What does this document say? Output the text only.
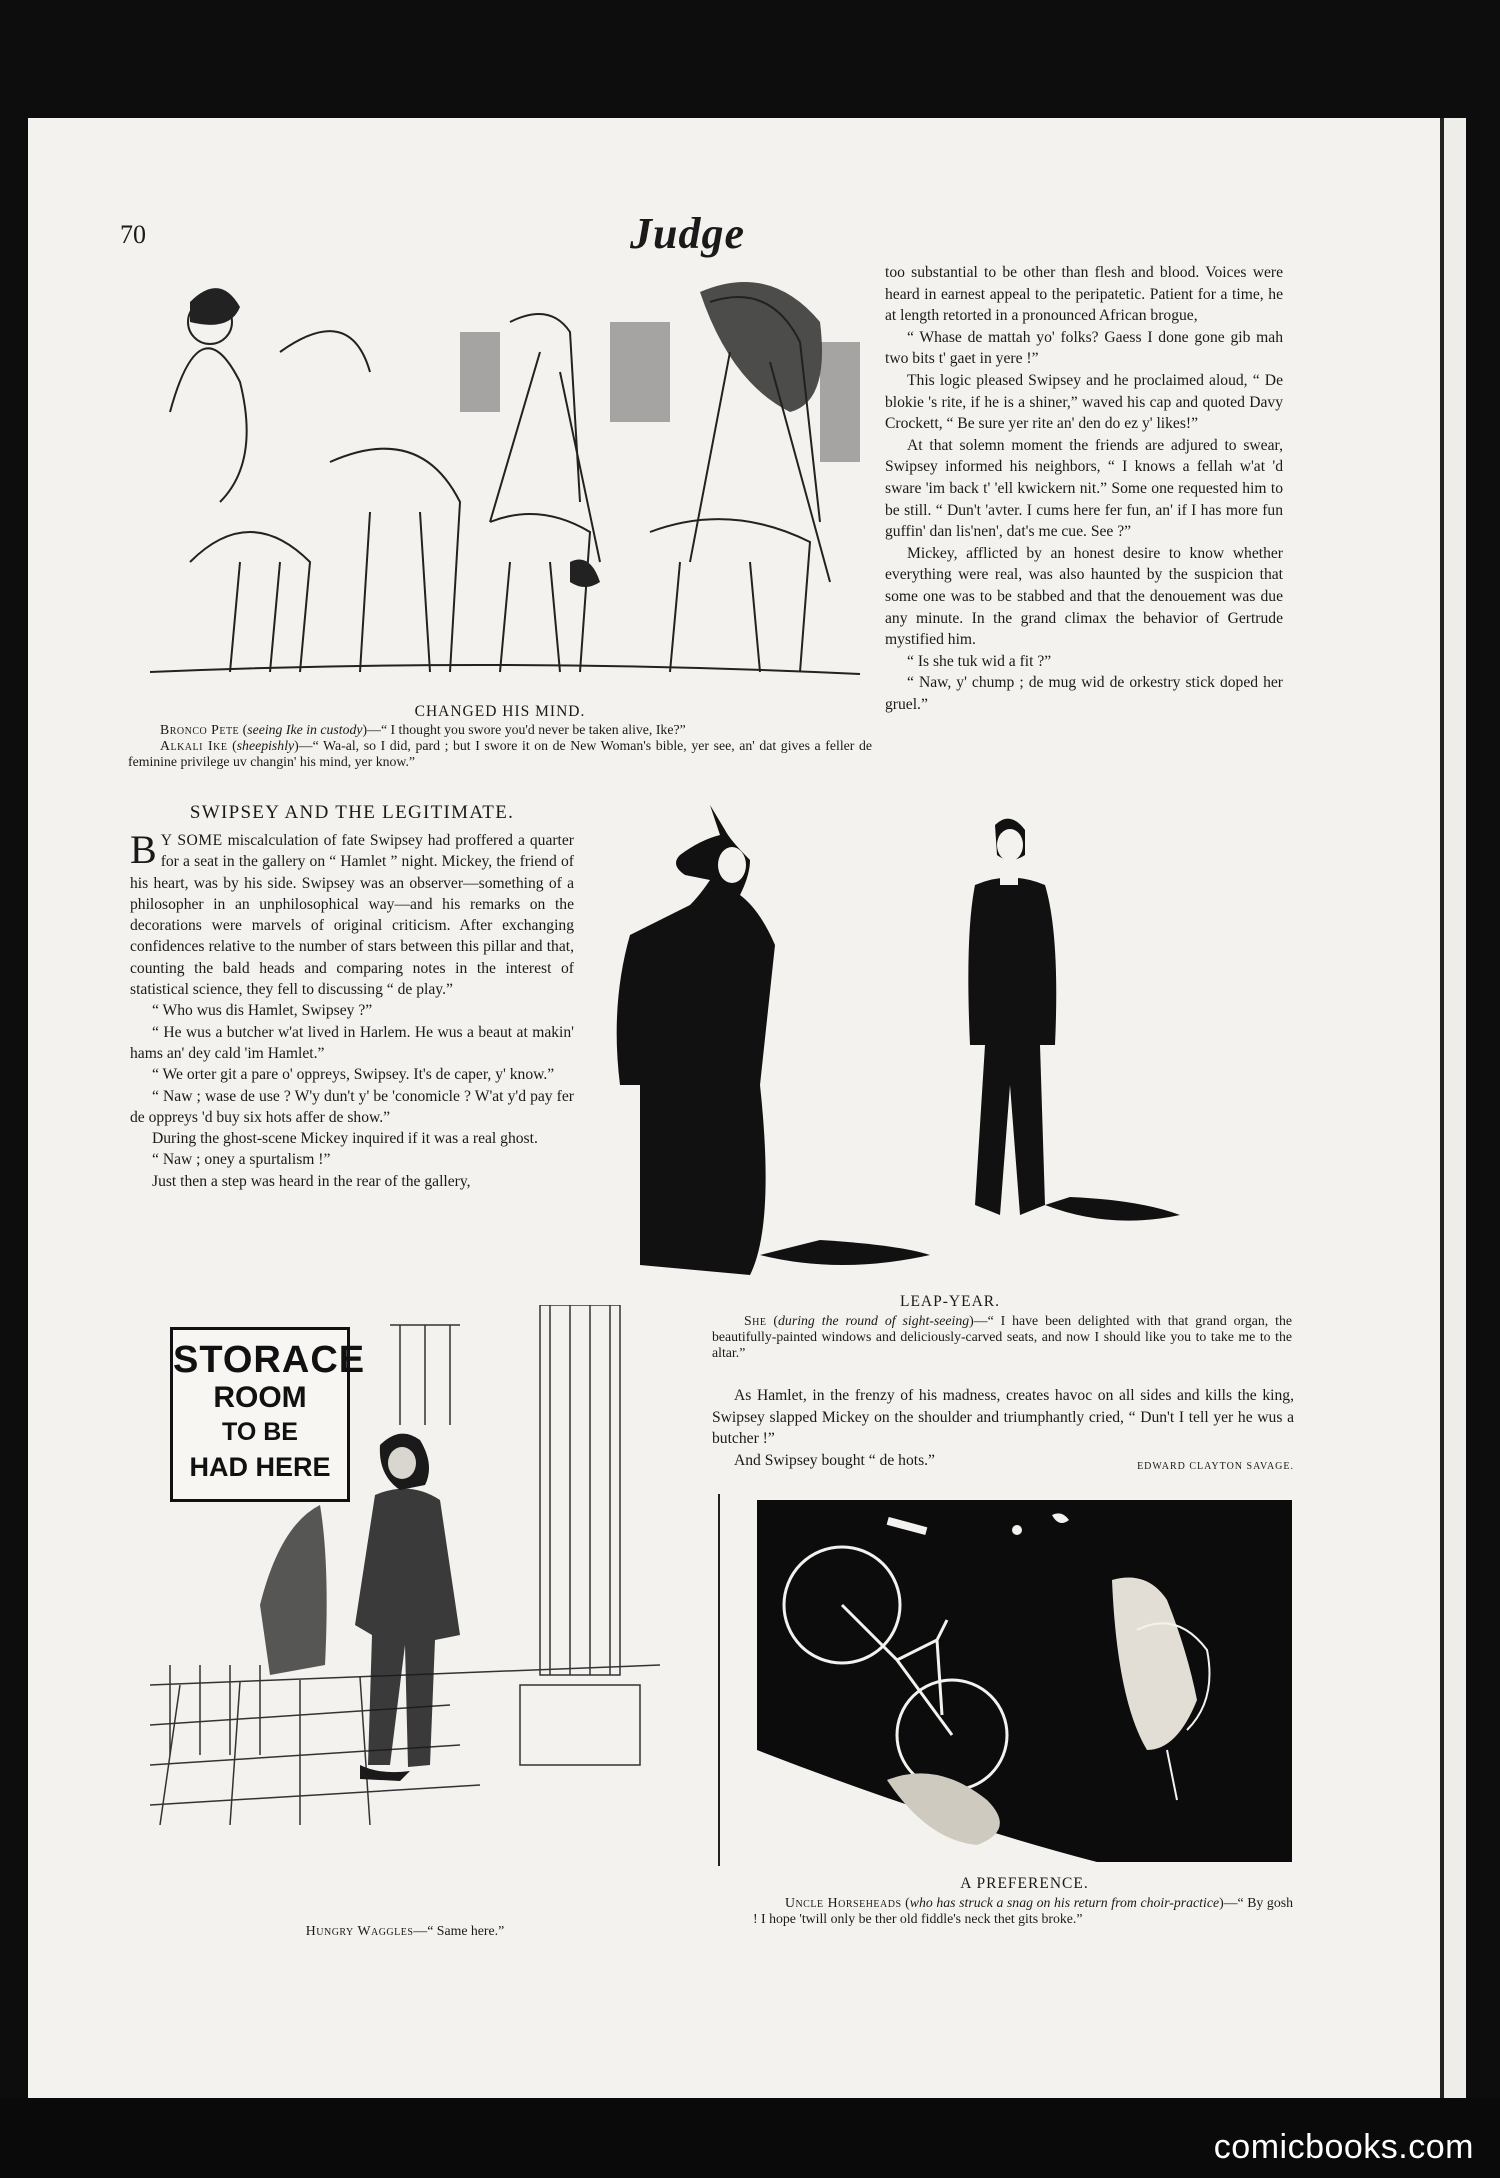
70	Judge
CHANGED HIS MIND.
Bronco Pete (seeing Ike in custody)—“ I thought you swore you'd never be taken alive, Ike?”
Alkali Ike (sheepishly)—“ Wa-al, so I did, pard ; but I swore it on de New Woman's bible, yer see, an' dat gives a feller de feminine privilege uv changin' his mind, yer know.”

too substantial to be other than flesh and blood. Voices were heard in earnest appeal to the peripatetic. Patient for a time, he at length retorted in a pronounced African brogue,

“ Whase de mattah yo' folks? Gaess I done gone gib mah two bits t' gaet in yere !”

This logic pleased Swipsey and he proclaimed aloud, “ De blokie 's rite, if he is a shiner,” waved his cap and quoted Davy Crockett, “ Be sure yer rite an' den do ez y' likes!”

At that solemn moment the friends are adjured to swear, Swipsey informed his neighbors, “ I knows a fellah w'at 'd sware 'im back t' 'ell kwickern nit.” Some one requested him to be still. “ Dun't 'avter. I cums here fer fun, an' if I has more fun guffin' dan lis'nen', dat's me cue. See ?”

Mickey, afflicted by an honest desire to know whether everything were real, was also haunted by the suspicion that some one was to be stabbed and that the denouement was due any minute. In the grand climax the behavior of Gertrude mystified him.

“ Is she tuk wid a fit ?”

“ Naw, y' chump ; de mug wid de orkestry stick doped her gruel.”

SWIPSEY AND THE LEGITIMATE.

B Y SOME miscalculation of fate Swipsey had proffered a quarter for a seat in the gallery on “ Hamlet ” night. Mickey, the friend of his heart, was by his side. Swipsey was an observer—something of a philosopher in an unphilosophical way—and his remarks on the decorations were marvels of original criticism. After exchanging confidences relative to the number of stars between this pillar and that, counting the bald heads and comparing notes in the interest of statistical science, they fell to discussing “ de play.”

“ Who wus dis Hamlet, Swipsey ?”

“ He wus a butcher w'at lived in Harlem. He wus a beaut at makin' hams an' dey cald 'im Hamlet.”

“ We orter git a pare o' oppreys, Swipsey. It's de caper, y' know.”

“ Naw ; wase de use ? W'y dun't y' be 'conomicle ? W'at y'd pay fer de oppreys 'd buy six hots affer de show.”

During the ghost-scene Mickey inquired if it was a real ghost.

“ Naw ; oney a spurtalism !”

Just then a step was heard in the rear of the gallery,

LEAP-YEAR.
She (during the round of sight-seeing)—“ I have been delighted with that grand organ, the beautifully-painted windows and deliciously-carved seats, and now I should like you to take me to the altar.”

As Hamlet, in the frenzy of his madness, creates havoc on all sides and kills the king, Swipsey slapped Mickey on the shoulder and triumphantly cried, “ Dun't I tell yer he wus a butcher !”

And Swipsey bought “ de hots.”	EDWARD CLAYTON SAVAGE.

STORACE
ROOM
TO BE
HAD HERE
Hungry Waggles—“ Same here.”
A PREFERENCE.
Uncle Horseheads (who has struck a snag on his return from choir-practice)—“ By gosh ! I hope 'twill only be ther old fiddle's neck thet gits broke.”
comicbooks.com
